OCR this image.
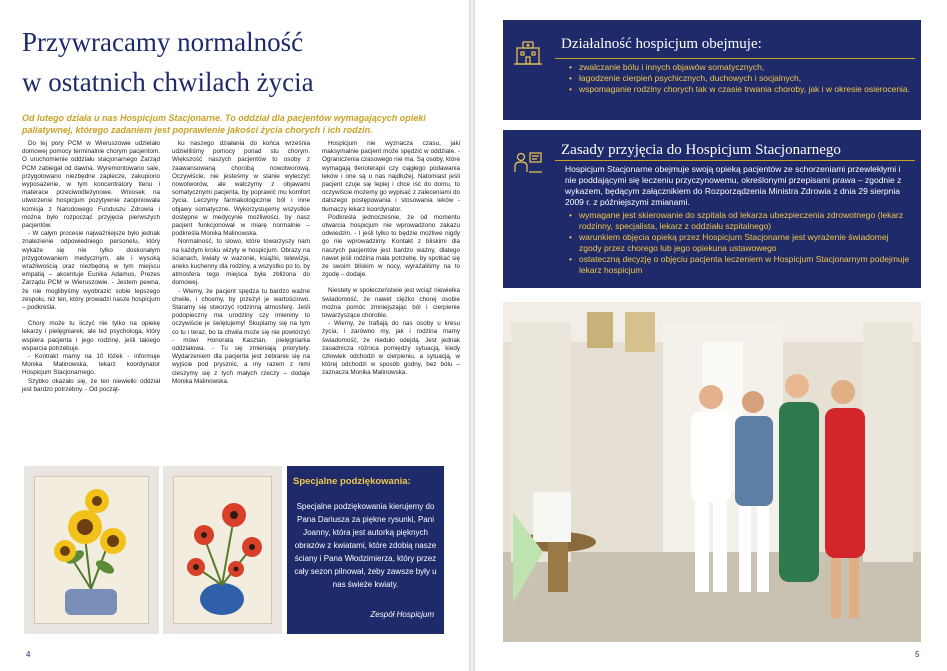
Przywracamy normalność
w ostatnich chwilach życia
Od lutego działa u nas Hospicjum Stacjonarne. To oddział dla pacjentów wymagających opieki paliatywnej, którego zadaniem jest poprawienie jakości życia chorych i ich rodzin.

Do tej pory PCM w Wieruszowie udzielało domowej pomocy terminalnie chorym pacjentom. O uruchomienie oddziału stacjonarnego Zarząd PCM zabiegał od dawna. Wyremontowano sale, przygotowano niezbędne zaplecze, zakupiono wyposażenie, w tym koncentratory tlenu i materace przeciwodleżynowe. Wniosek na utworzenie hospicjum pozytywnie zaopiniowała komisja z Narodowego Funduszu Zdrowia i można było rozpocząć przyjęcia pierwszych pacjentów.

- W całym procesie najważniejsze było jednak znalezienie odpowiedniego personelu, który wykaże się nie tylko doskonałym przygotowaniem medycznym, ale i wysoką wrażliwością oraz niezbędną w tym miejscu empatią – akcentuje Eunika Adamus, Prezes Zarządu PCM w Wieruszowie. - Jestem pewna, że nie moglibyśmy wyobrazić sobie lepszego zespołu, niż ten, który prowadzi nasze hospicjum – podkreśla.

Chory może tu liczyć nie tylko na opiekę lekarzy i pielęgniarek, ale też psychologa, który wspiera pacjenta i jego rodzinę, jeśli takiego wsparcia potrzebuje.

- Kontrakt mamy na 10 łóżek - informuje Monika Malinowska, lekarz koordynator Hospicjum Stacjonarnego.

Szybko okazało się, że ten niewielki oddział jest bardzo potrzebny. - Od począt-

ku naszego działania do końca września udzieliliśmy pomocy ponad stu chorym. Większość naszych pacjentów to osoby z zaawansowaną chorobą nowotworową. Oczywiście, nie jesteśmy w stanie wyleczyć nowotworów, ale walczymy z objawami somatycznymi pacjenta, by poprawić mu komfort życia. Leczymy farmakologicznie ból i inne objawy somatyczne. Wykorzystujemy wszystkie dostępne w medycynie możliwości, by nasz pacjent funkcjonował w miarę normalnie – podkreśla Monika Malinowska.

Normalność, to słowo, które towarzyszy nam na każdym kroku wizyty w hospicjum. Obrazy na ścianach, kwiaty w wazonie, książki, telewizja, aneks kuchenny dla rodziny, a wszystko po to, by atmosfera tego miejsca była zbliżona do domowej.

- Wiemy, że pacjent spędza tu bardzo ważne chwile, i chcemy, by przeżył je wartościowo. Staramy się stworzyć rodzinną atmosferę. Jeśli podopieczny ma urodziny czy imieniny to oczywiście je świętujemy! Skupiamy się na tym co tu i teraz, bo ta chwila może się nie powtórzyć - mówi Honorata Kasztan, pielęgniarka oddziałowa. - Tu się zmieniają priorytety. Wydarzeniem dla pacjenta jest zebranie się na wyjście pod prysznic, a my razem z nimi cieszymy się z tych małych rzeczy – dodaje Monika Malinowska.

Hospicjum nie wyznacza czasu, jaki maksymalnie pacjent może spędzić w oddziale. - Ograniczenia czasowego nie ma. Są osoby, które wymagają tlenoterapii czy ciągłego podawania leków i one są u nas najdłużej. Natomiast jeśli pacjent czuje się lepiej i chce iść do domu, to oczywiście możemy go wypisać z zaleceniami do dalszego postępowania i stosowania leków - tłumaczy lekarz koordynator.

Podkreśla jednocześnie, że od momentu otwarcia hospicjum nie wprowadzono zakazu odwiedzin. - I jeśli tylko to będzie możliwe nigdy go nie wprowadzimy. Kontakt z bliskimi dla naszych pacjentów jest bardzo ważny, dlatego nawet jeśli rodzina mała potrzebę, by spotkać się ze swoim bliskim w nocy, wyrażaliśmy na to zgodę – dodaje.

Niestety w społeczeństwie jest wciąż niewielka świadomość, że nawet ciężko chorej osobie można pomóc zmniejszając ból i cierpienie towarzyszące chorobie.

- Wiemy, że trafiają do nas osoby u kresu życia, i zarówno my, jak i rodzina mamy świadomość, że nieduło odejdą. Jest jednak zasadnicza różnica pomiędzy sytuacją, kiedy człowiek odchodzi w cierpieniu, a sytuacją, w której odchodzi w sposób godny, bez bólu – zaznacza Monika Malinowska.

Specjalne podziękowania:
Specjalne podziękowania kierujemy do Pana Dariusza za piękne rysunki, Pani Joanny, która jest autorką pięknych obrazów z kwiatami, które zdobią nasze ściany i Pana Włodzimierza, który przez cały sezon pilnował, żeby zawsze były u nas świeże kwiaty.
Zespół Hospicjum
4
Działalność hospicjum obejmuje:
• zwalczanie bólu i innych objawów somatycznych,
• łagodzenie cierpień psychicznych, duchowych i socjalnych,
• wspomaganie rodziny chorych tak w czasie trwania choroby, jak i w okresie osierocenia.
Zasady przyjęcia do Hospicjum Stacjonarnego
Hospicjum Stacjonarne obejmuje swoją opieką pacjentów ze schorzeniami przewlekłymi i nie poddającymi się leczeniu przyczynowemu, określonymi przepisami prawa – zgodnie z wykazem, będącym załącznikiem do Rozporządzenia Ministra Zdrowia z dnia 29 sierpnia 2009 r. z późniejszymi zmianami.
• wymagane jest skierowanie do szpitala od lekarza ubezpieczenia zdrowotnego (lekarz rodzinny, specjalista, lekarz z oddziału szpitalnego)
• warunkiem objęcia opieką przez Hospicjum Stacjonarne jest wyrażenie świadomej zgody przez chorego lub jego opiekuna ustawowego
• ostateczną decyzję o objęciu pacjenta leczeniem w Hospicjum Stacjonarnym podejmuje lekarz hospicjum
5
